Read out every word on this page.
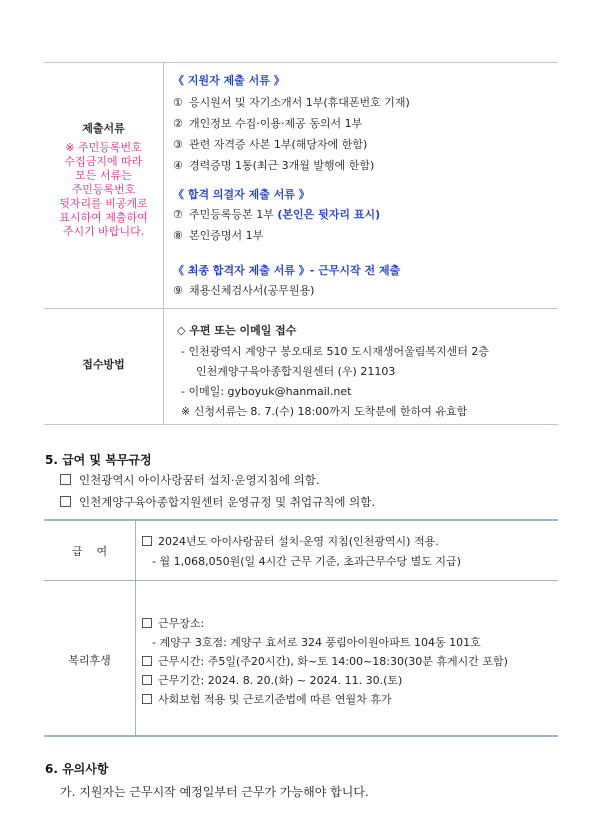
제출서류
※ 주민등록번호
수집금지에 따라
모든 서류는
주민등록번호
뒷자리를 비공개로
표시하여 제출하여
주시기 바랍니다.
《 지원자 제출 서류 》
① 응시원서 및 자기소개서 1부(휴대폰번호 기재)
② 개인정보 수집·이용·제공 동의서 1부
③ 관련 자격증 사본 1부(해당자에 한함)
④ 경력증명 1통(최근 3개월 발행에 한함)
《 합격 의결자 제출 서류 》
⑦ 주민등록등본 1부 (본인은 뒷자리 표시)
⑧ 본인증명서 1부
《 최종 합격자 제출 서류 》- 근무시작 전 제출
⑨ 채용신체검사서(공무원용)
접수방법
◇ 우편 또는 이메일 접수
- 인천광역시 계양구 봉오대로 510 도시재생어울림복지센터 2층
인천계양구육아종합지원센터 (우) 21103
- 이메일: gyboyuk@hanmail.net
※ 신청서류는 8. 7.(수) 18:00까지 도착분에 한하여 유효함
5. 급여 및 복무규정
인천광역시 아이사랑꿈터 설치·운영지침에 의함.
인천계양구육아종합지원센터 운영규정 및 취업규칙에 의함.
급    여
2024년도 아이사랑꿈터 설치·운영 지침(인천광역시) 적용.
- 월 1,068,050원(일 4시간 근무 기준, 초과근무수당 별도 지급)
복리후생
근무장소:
- 계양구 3호점: 계양구 효서로 324 풍림아이원아파트 104동 101호
근무시간: 주5일(주20시간), 화~토 14:00~18:30(30분 휴게시간 포함)
근무기간: 2024. 8. 20.(화) ~ 2024. 11. 30.(토)
사회보험 적용 및 근로기준법에 따른 연월차 휴가
6. 유의사항
가. 지원자는 근무시작 예정일부터 근무가 가능해야 합니다.
